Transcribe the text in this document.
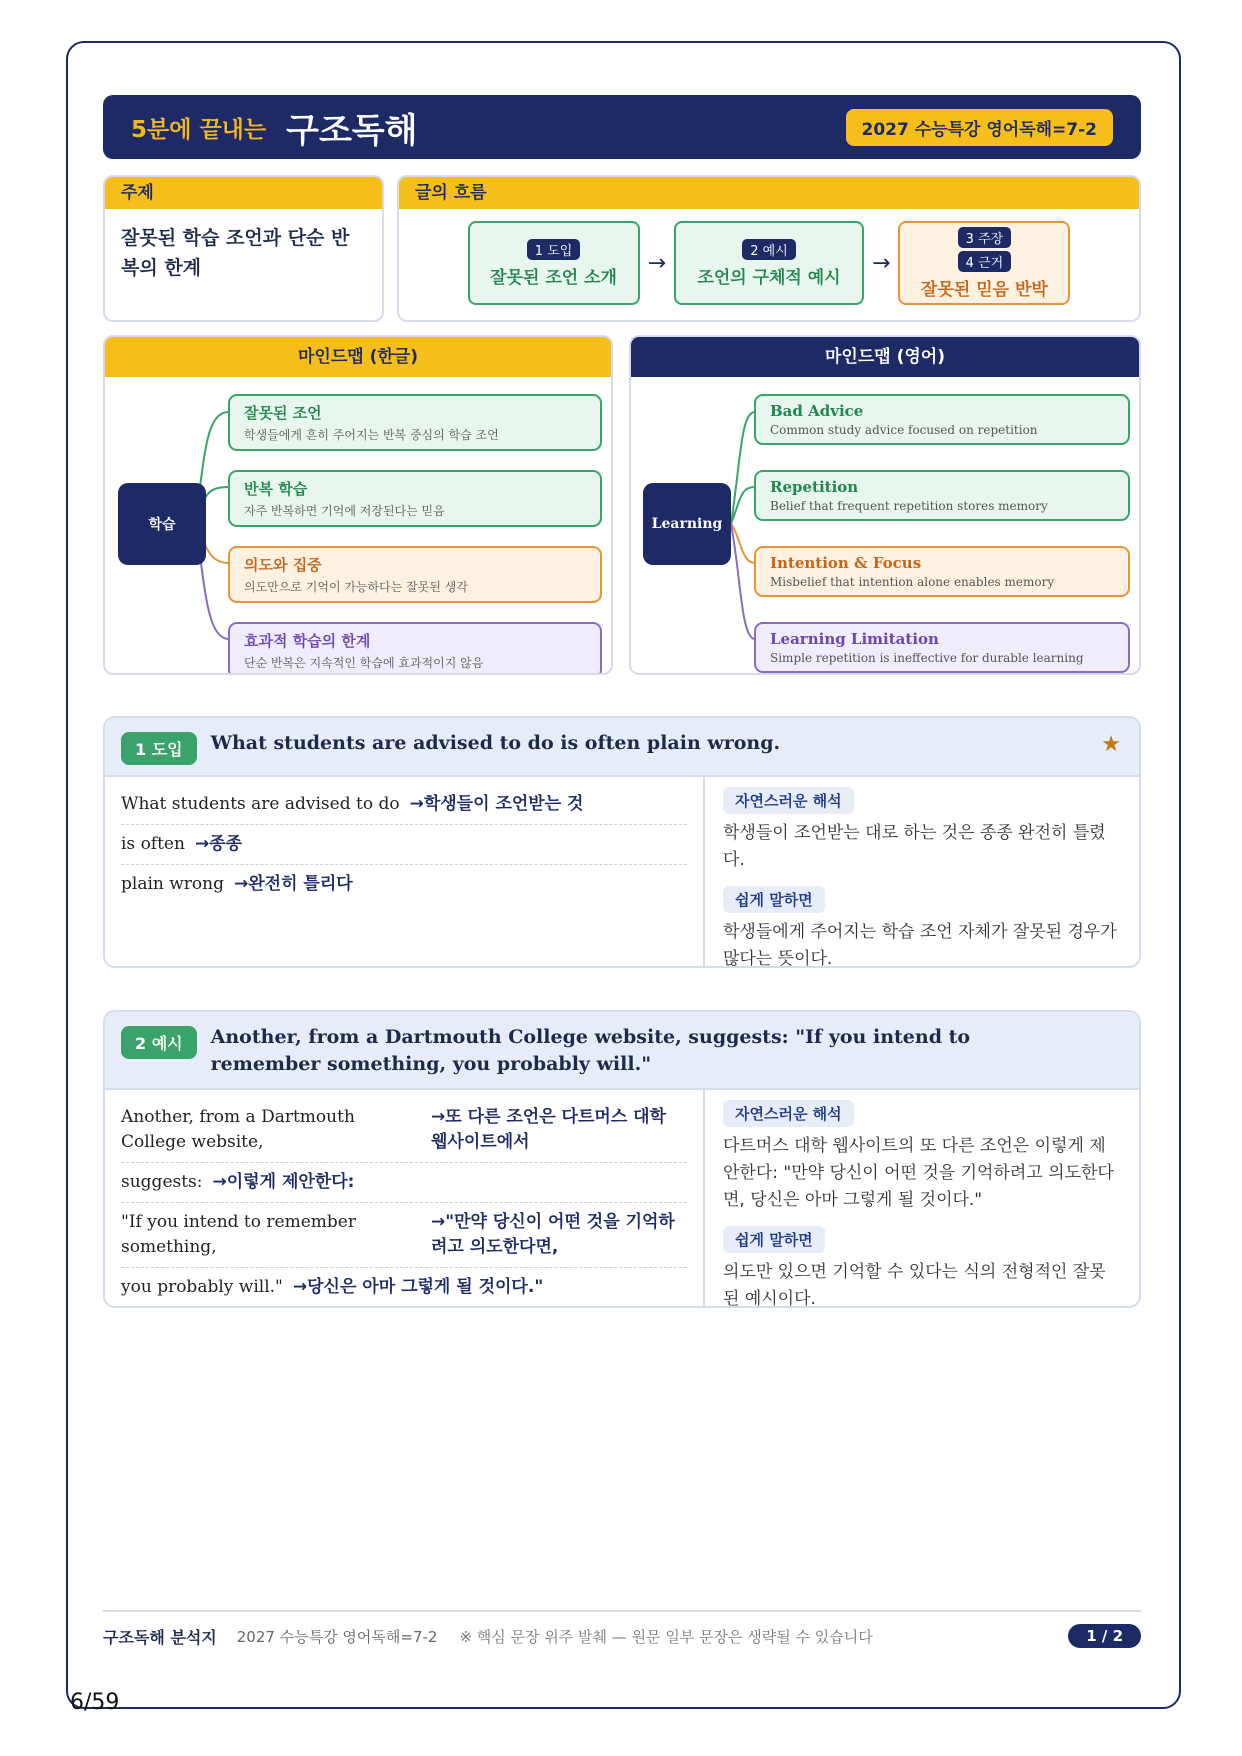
5분에 끝내는 구조독해	2027 수능특강 영어독해=7-2
주제
잘못된 학습 조언과 단순 반복의 한계
글의 흐름
1 도입
잘못된 조언 소개
→	2 예시
조언의 구체적 예시
→
3 주장
4 근거
잘못된 믿음 반박
마인드맵 (한글)
학습
잘못된 조언
학생들에게 흔히 주어지는 반복 중심의 학습 조언
반복 학습
자주 반복하면 기억에 저장된다는 믿음
의도와 집중
의도만으로 기억이 가능하다는 잘못된 생각
효과적 학습의 한계
단순 반복은 지속적인 학습에 효과적이지 않음
마인드맵 (영어)
Learning
Bad Advice
Common study advice focused on repetition
Repetition
Belief that frequent repetition stores memory
Intention & Focus
Misbelief that intention alone enables memory
Learning Limitation
Simple repetition is ineffective for durable learning
1 도입	What students are advised to do is often plain wrong.	★
What students are advised to do →학생들이 조언받는 것
is often →종종
plain wrong →완전히 틀리다
자연스러운 해석
학생들이 조언받는 대로 하는 것은 종종 완전히 틀렸다.
쉽게 말하면
학생들에게 주어지는 학습 조언 자체가 잘못된 경우가 많다는 뜻이다.
2 예시	Another, from a Dartmouth College website, suggests: "If you intend to remember something, you probably will."
Another, from a Dartmouth College website,
→또 다른 조언은 다트머스 대학 웹사이트에서
suggests: →이렇게 제안한다:
"If you intend to remember something,
→"만약 당신이 어떤 것을 기억하려고 의도한다면,
you probably will." →당신은 아마 그렇게 될 것이다."
자연스러운 해석
다트머스 대학 웹사이트의 또 다른 조언은 이렇게 제안한다: "만약 당신이 어떤 것을 기억하려고 의도한다면, 당신은 아마 그렇게 될 것이다."
쉽게 말하면
의도만 있으면 기억할 수 있다는 식의 전형적인 잘못된 예시이다.
구조독해 분석지 2027 수능특강 영어독해=7-2 ※ 핵심 문장 위주 발췌 — 원문 일부 문장은 생략될 수 있습니다	1 / 2
6/59
